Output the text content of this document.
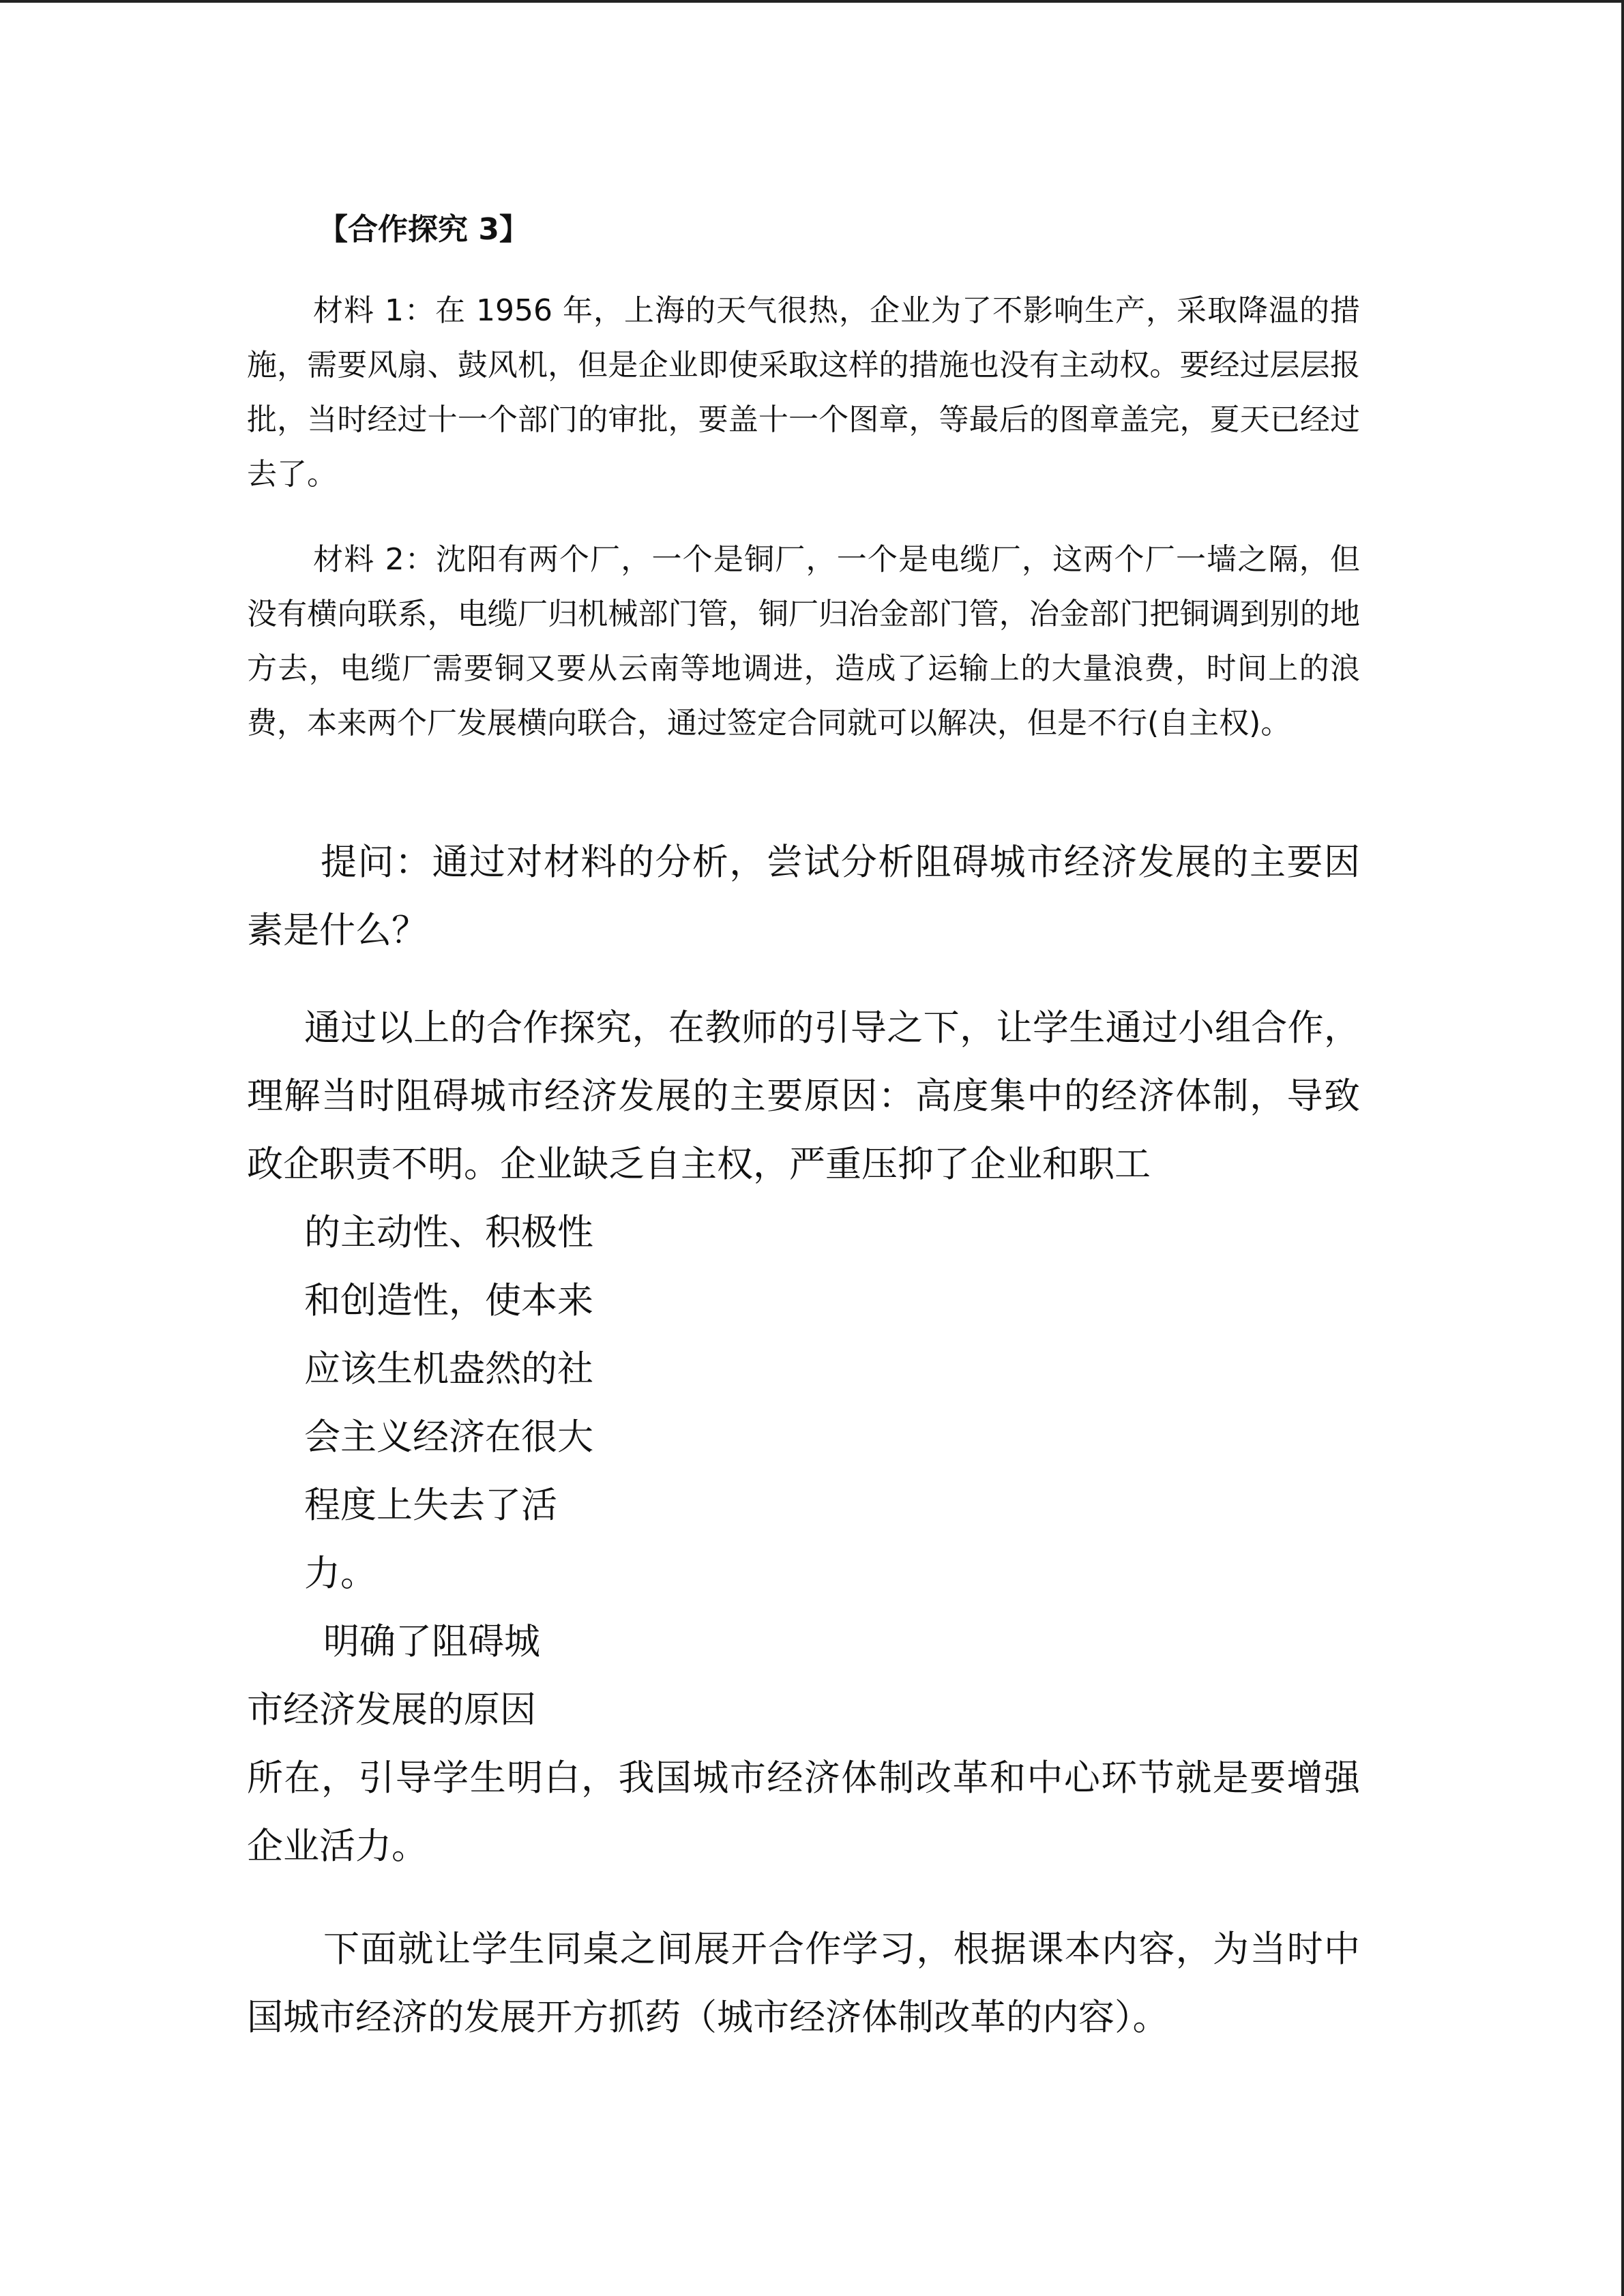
【合作探究 3】

材料 1：在 1956 年，上海的天气很热，企业为了不影响生产，采取降温的措施，需要风扇、鼓风机，但是企业即使采取这样的措施也没有主动权。要经过层层报批，当时经过十一个部门的审批，要盖十一个图章，等最后的图章盖完，夏天已经过去了。

材料 2：沈阳有两个厂，一个是铜厂，一个是电缆厂，这两个厂一墙之隔，但没有横向联系，电缆厂归机械部门管，铜厂归冶金部门管，冶金部门把铜调到别的地方去，电缆厂需要铜又要从云南等地调进，造成了运输上的大量浪费，时间上的浪费，本来两个厂发展横向联合，通过签定合同就可以解决，但是不行(自主权)。

提问：通过对材料的分析，尝试分析阻碍城市经济发展的主要因素是什么？

通过以上的合作探究，在教师的引导之下，让学生通过小组合作，理解当时阻碍城市经济发展的主要原因：高度集中的经济体制，导致政企职责不明。企业缺乏自主权，严重压抑了企业和职工
的主动性、积极性
和创造性，使本来
应该生机盎然的社
会主义经济在很大
程度上失去了活
力。
明确了阻碍城
市经济发展的原因

所在，引导学生明白，我国城市经济体制改革和中心环节就是要增强企业活力。

下面就让学生同桌之间展开合作学习，根据课本内容，为当时中国城市经济的发展开方抓药（城市经济体制改革的内容）。
